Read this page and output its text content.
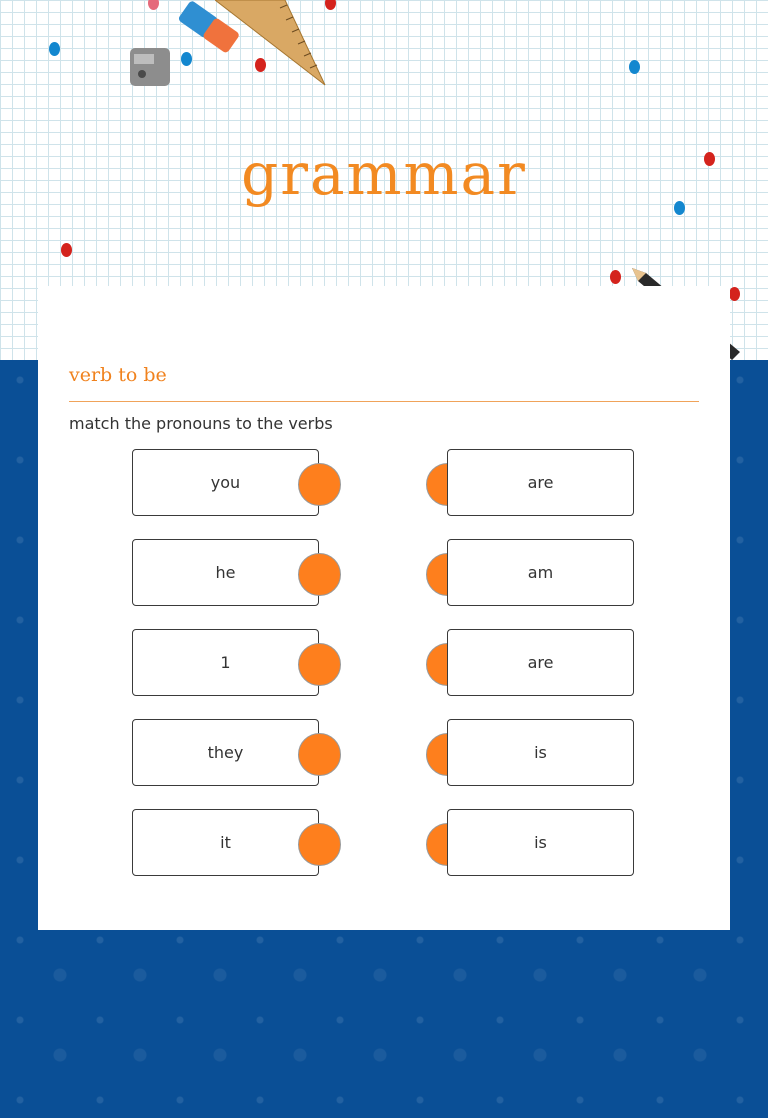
grammar
verb to be
match the pronouns to the verbs
you	are
he	am
1	are
they	is
it	is
